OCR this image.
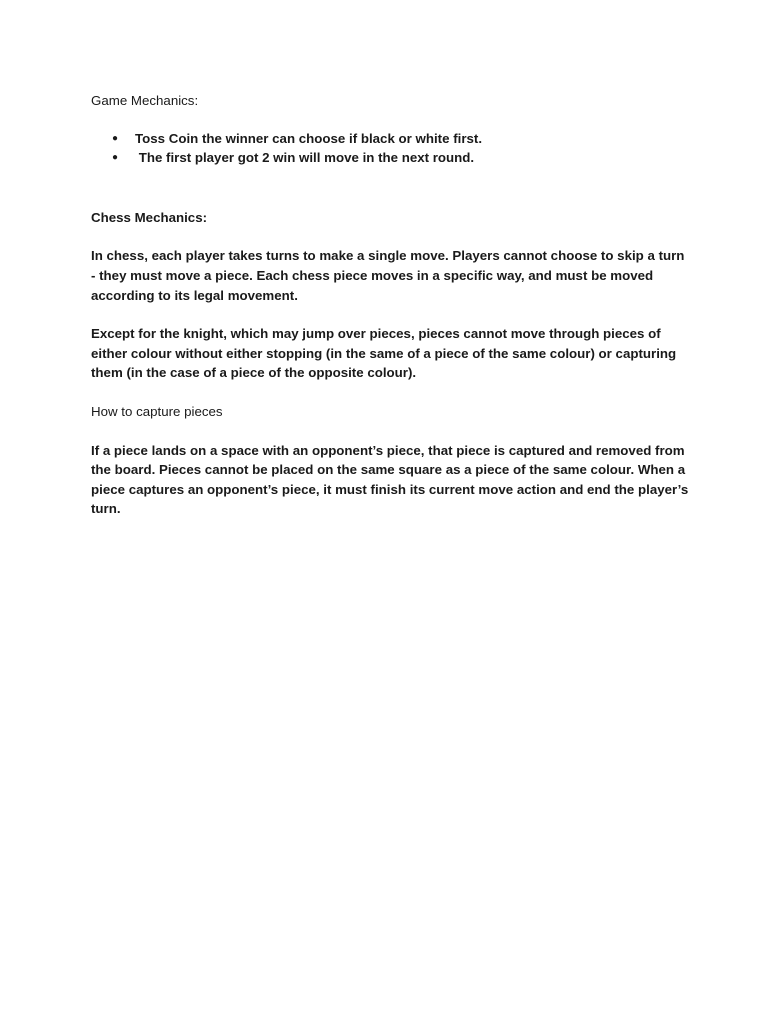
Game Mechanics:

● Toss Coin the winner can choose if black or white first.
● The first player got 2 win will move in the next round.

Chess Mechanics:

In chess, each player takes turns to make a single move. Players cannot choose to skip a turn - they must move a piece. Each chess piece moves in a specific way, and must be moved according to its legal movement.

Except for the knight, which may jump over pieces, pieces cannot move through pieces of either colour without either stopping (in the same of a piece of the same colour) or capturing them (in the case of a piece of the opposite colour).

How to capture pieces

If a piece lands on a space with an opponent’s piece, that piece is captured and removed from the board. Pieces cannot be placed on the same square as a piece of the same colour. When a piece captures an opponent’s piece, it must finish its current move action and end the player’s turn.
